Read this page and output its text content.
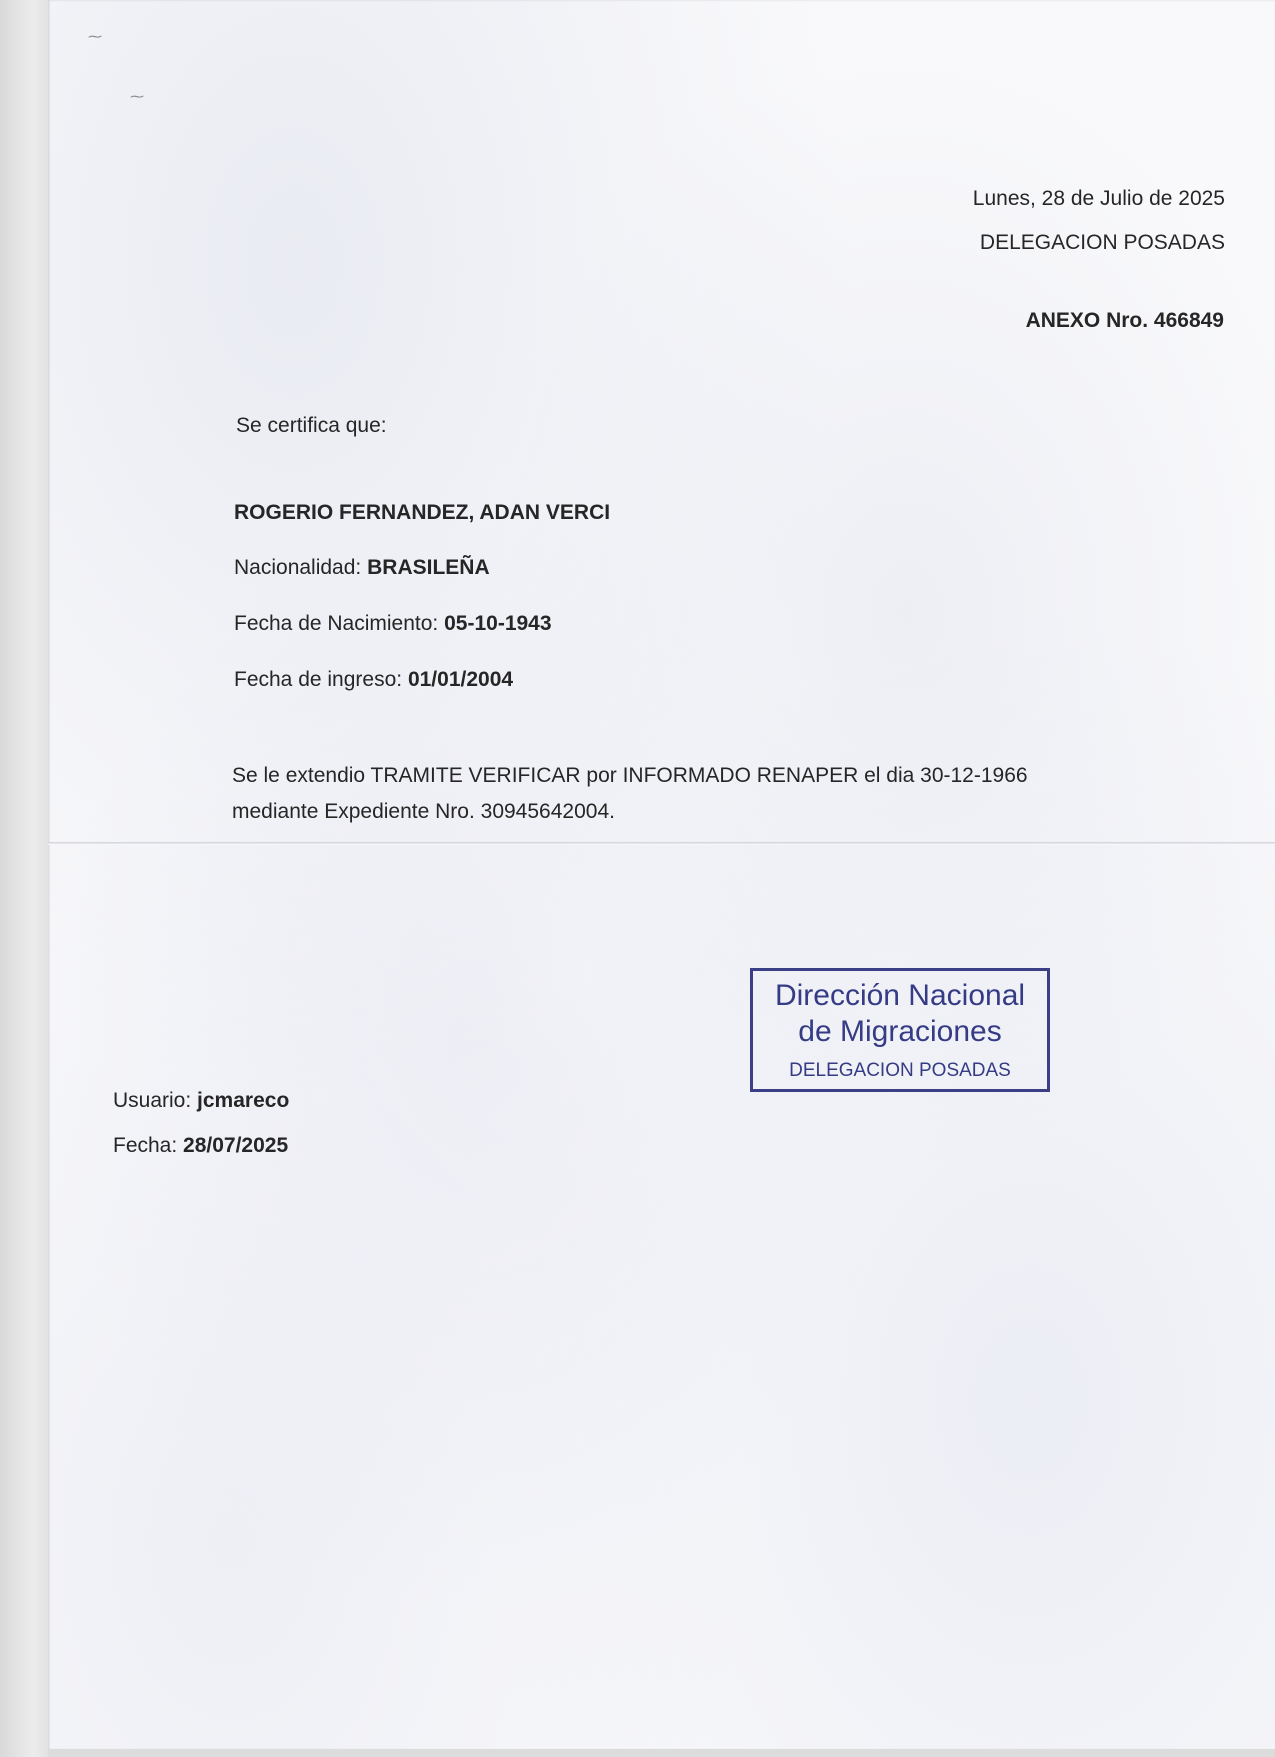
⁓
⁓
Lunes, 28 de Julio de 2025
DELEGACION POSADAS
ANEXO Nro. 466849
Se certifica que:
ROGERIO FERNANDEZ, ADAN VERCI
Nacionalidad: BRASILEÑA
Fecha de Nacimiento: 05-10-1943
Fecha de ingreso: 01/01/2004
Se le extendio TRAMITE VERIFICAR por INFORMADO RENAPER el dia 30-12-1966
mediante Expediente Nro. 30945642004.
Dirección Nacional
de Migraciones
DELEGACION POSADAS
Usuario: jcmareco
Fecha: 28/07/2025
